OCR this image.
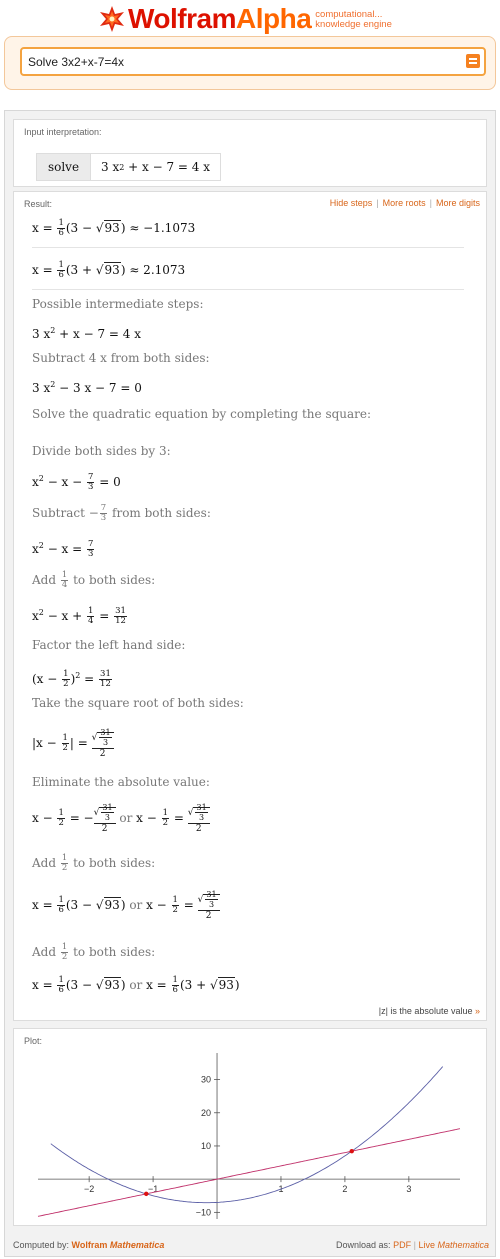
WolframAlpha computational...
knowledge engine
Solve 3x2+x-7=4x
Input interpretation:
solve	3 x 2 + x − 7 = 4 x
Result:	Hide steps | More roots | More digits
$x = \frac{1}{6} (3 - √93) \approx -1.1073$
$x = \frac{1}{6} (3 + √93) \approx 2.1073$
Possible intermediate steps:
3 $x^2 + x - 7 = 4$ x
Subtract 4 x from both sides:
3 $x^2 - 3$ x − 7 = 0
Solve the quadratic equation by completing the square:
Divide both sides by 3:
$x^2 - x - \frac{7}{3} = 0$
Subtract − $\frac{7}{3}$ from both sides:
$x^2 - x = \frac{7}{3}$
Add $\frac{1}{4}$ to both sides:
$x^2 - x + \frac{1}{4} = \frac{31}{12}$
Factor the left hand side:
$(x - \frac{1}{2} )^2 = \frac{31}{12}$
Take the square root of both sides:
$|x - \frac{1}{2}$ | = $\frac{√ \frac{31}{3}}{2}$
Eliminate the absolute value:
$x - \frac{1}{2}$ = − $\frac{√ \frac{31}{3}}{2}$ or $x - \frac{1}{2} = \frac{√ \frac{31}{3}}{2}$
Add $\frac{1}{2}$ to both sides:
$x = \frac{1}{6} (3 - √93)$ or $x - \frac{1}{2} = \frac{√ \frac{31}{3}}{2}$
Add $\frac{1}{2}$ to both sides:
$x = \frac{1}{6} (3 - √93)$ or $x = \frac{1}{6} (3 + √93)$
|z| is the absolute value »
Plot:
−2	−1	1	2	3
−10
10
20
30
Computed by: Wolfram Mathematica	Download as: PDF | Live Mathematica
